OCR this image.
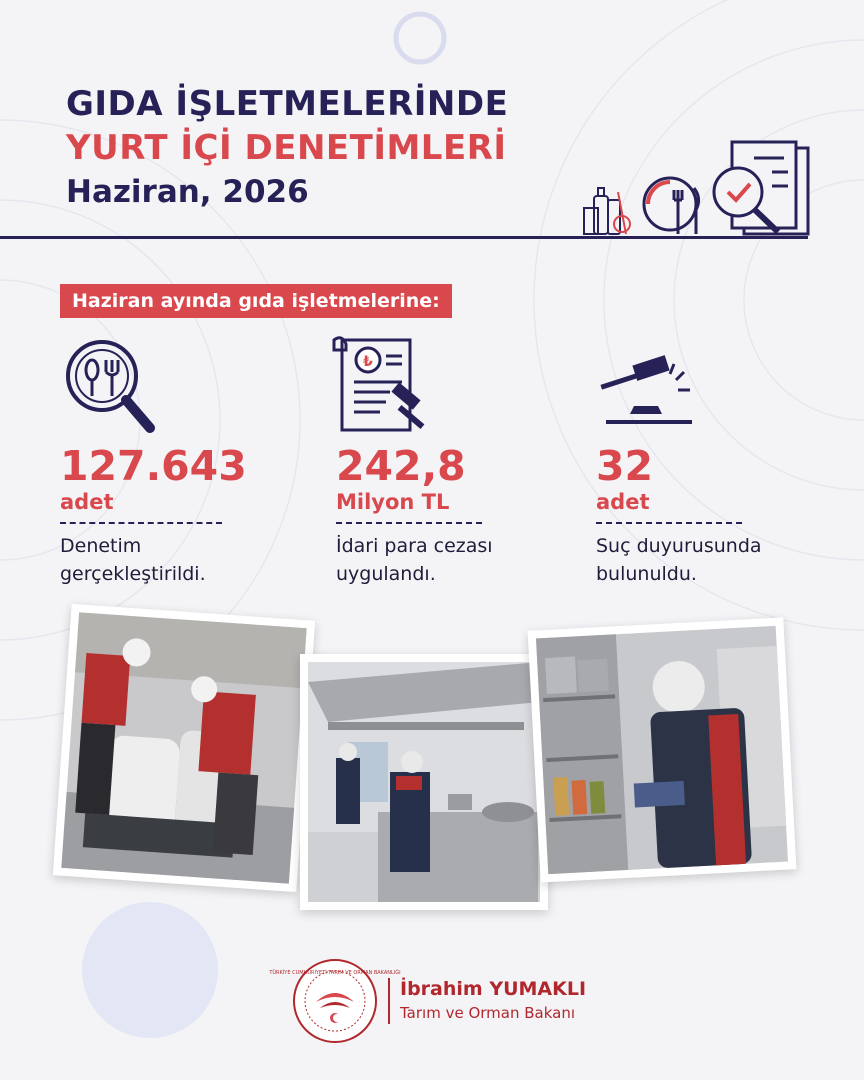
GIDA İŞLETMELERİNDE
YURT İÇİ DENETİMLERİ
Haziran, 2026
Haziran ayında gıda işletmelerine:
127.643
adet
Denetim
gerçekleştirildi.
₺
242,8
Milyon TL
İdari para cezası
uygulandı.
32
adet
Suç duyurusunda
bulunuldu.
TÜRKİYE CUMHURİYETİ TARIM VE ORMAN BAKANLIĞI
İbrahim YUMAKLI
Tarım ve Orman Bakanı
